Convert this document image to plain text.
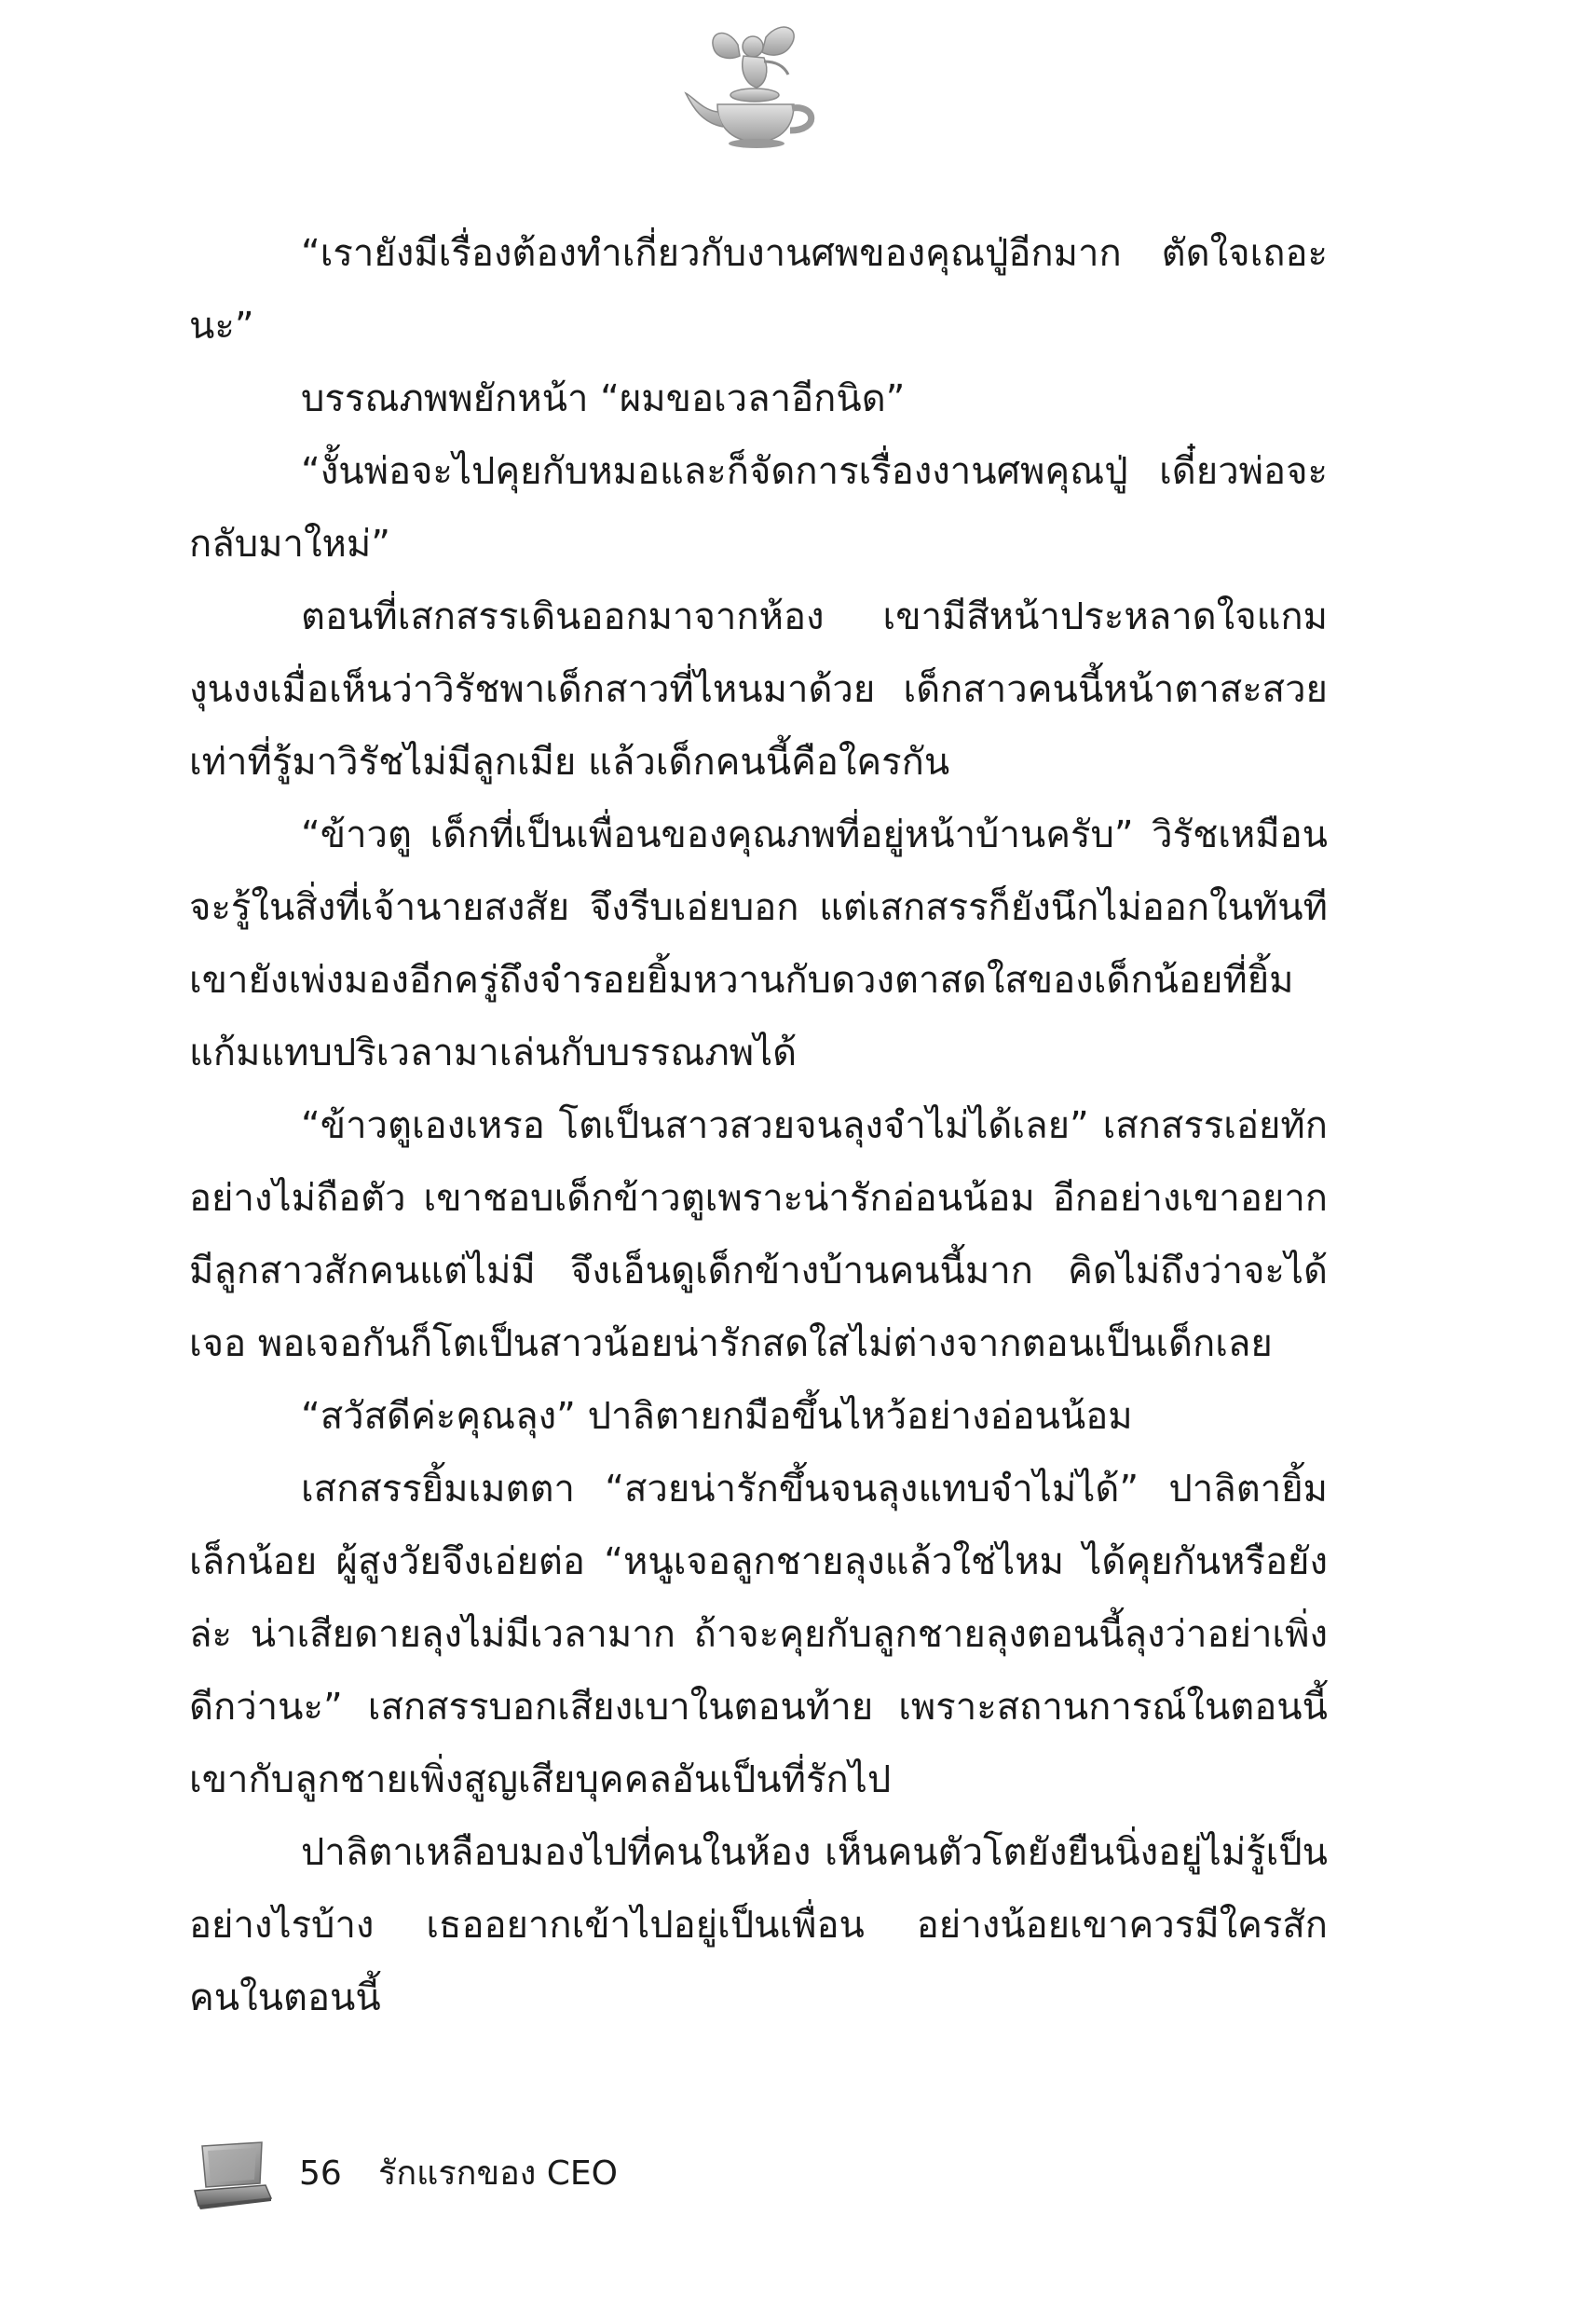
“เรายังมีเรื่องต้องทำเกี่ยวกับงานศพของคุณปู่อีกมาก ตัดใจเถอะนะ”

บรรณภพพยักหน้า “ผมขอเวลาอีกนิด”

“งั้นพ่อจะไปคุยกับหมอและก็จัดการเรื่องงานศพคุณปู่ เดี๋ยวพ่อจะกลับมาใหม่”

ตอนที่เสกสรรเดินออกมาจากห้อง เขามีสีหน้าประหลาดใจแกมงุนงงเมื่อเห็นว่าวิรัชพาเด็กสาวที่ไหนมาด้วย เด็กสาวคนนี้หน้าตาสะสวย เท่าที่รู้มาวิรัชไม่มีลูกเมีย แล้วเด็กคนนี้คือใครกัน

“ข้าวตู เด็กที่เป็นเพื่อนของคุณภพที่อยู่หน้าบ้านครับ” วิรัชเหมือนจะรู้ในสิ่งที่เจ้านายสงสัย จึงรีบเอ่ยบอก แต่เสกสรรก็ยังนึกไม่ออกในทันที เขายังเพ่งมองอีกครู่ถึงจำรอยยิ้มหวานกับดวงตาสดใสของเด็กน้อยที่ยิ้มแก้มแทบปริเวลามาเล่นกับบรรณภพได้

“ข้าวตูเองเหรอ โตเป็นสาวสวยจนลุงจำไม่ได้เลย” เสกสรรเอ่ยทักอย่างไม่ถือตัว เขาชอบเด็กข้าวตูเพราะน่ารักอ่อนน้อม อีกอย่างเขาอยากมีลูกสาวสักคนแต่ไม่มี จึงเอ็นดูเด็กข้างบ้านคนนี้มาก คิดไม่ถึงว่าจะได้เจอ พอเจอกันก็โตเป็นสาวน้อยน่ารักสดใสไม่ต่างจากตอนเป็นเด็กเลย

“สวัสดีค่ะคุณลุง” ปาลิตายกมือขึ้นไหว้อย่างอ่อนน้อม

เสกสรรยิ้มเมตตา “สวยน่ารักขึ้นจนลุงแทบจำไม่ได้” ปาลิตายิ้มเล็กน้อย ผู้สูงวัยจึงเอ่ยต่อ “หนูเจอลูกชายลุงแล้วใช่ไหม ได้คุยกันหรือยังล่ะ น่าเสียดายลุงไม่มีเวลามาก ถ้าจะคุยกับลูกชายลุงตอนนี้ลุงว่าอย่าเพิ่งดีกว่านะ” เสกสรรบอกเสียงเบาในตอนท้าย เพราะสถานการณ์ในตอนนี้เขากับลูกชายเพิ่งสูญเสียบุคคลอันเป็นที่รักไป

ปาลิตาเหลือบมองไปที่คนในห้อง เห็นคนตัวโตยังยืนนิ่งอยู่ไม่รู้เป็นอย่างไรบ้าง เธออยากเข้าไปอยู่เป็นเพื่อน อย่างน้อยเขาควรมีใครสักคนในตอนนี้

56 รักแรกของ CEO
